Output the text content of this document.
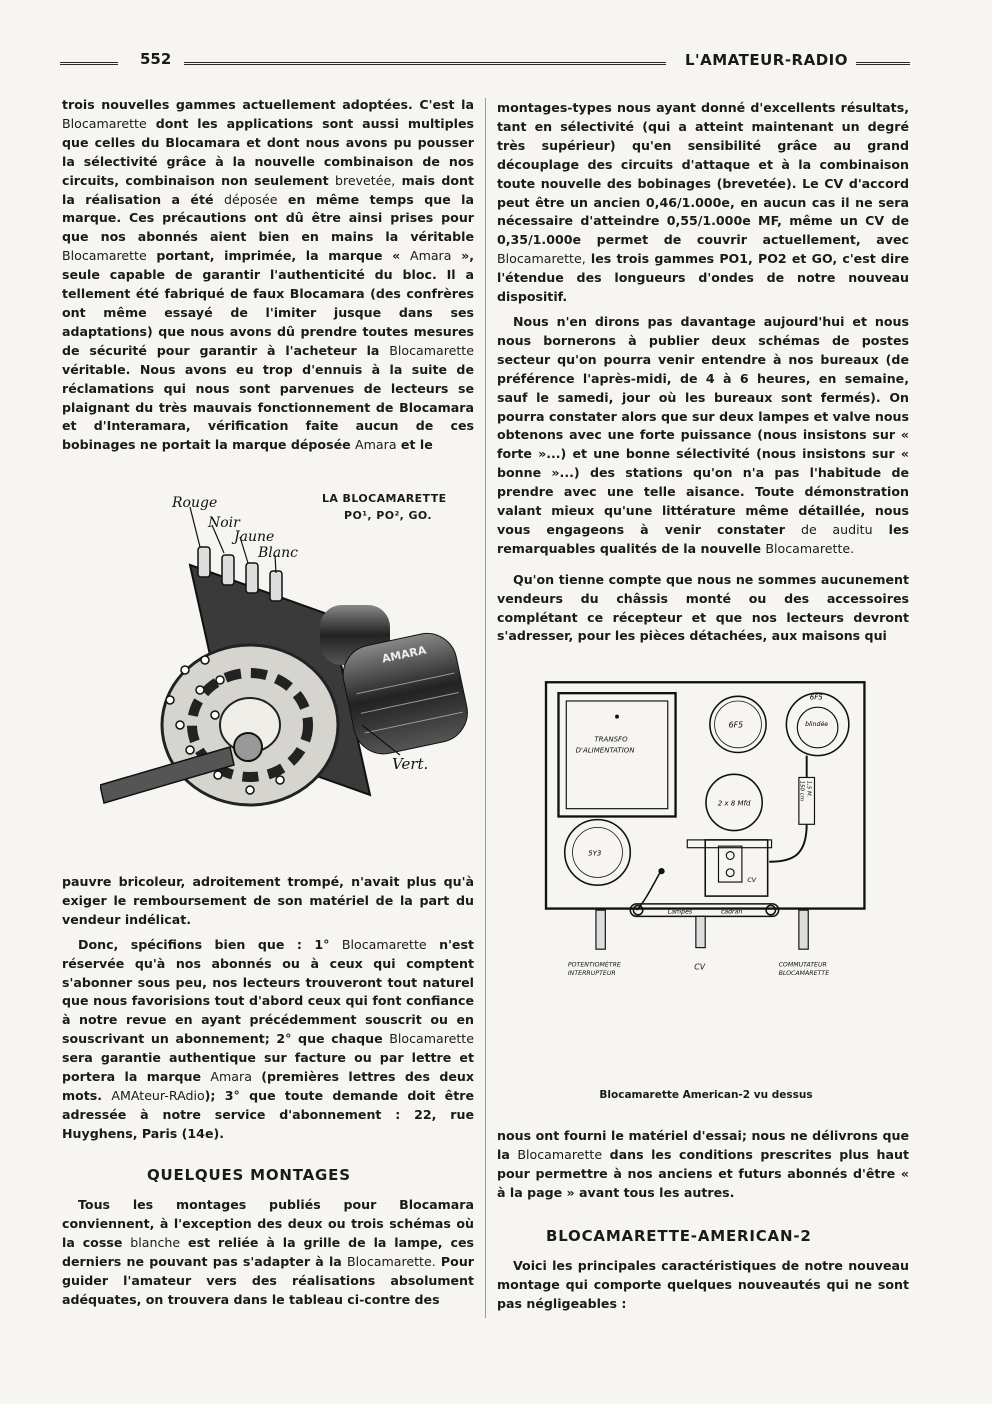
552	L'AMATEUR-RADIO

trois nouvelles gammes actuellement adoptées. C'est la Blocamarette dont les applications sont aussi multiples que celles du Blocamara et dont nous avons pu pousser la sélectivité grâce à la nouvelle combinaison de nos circuits, combinaison non seulement brevetée, mais dont la réalisation a été déposée en même temps que la marque. Ces précautions ont dû être ainsi prises pour que nos abonnés aient bien en mains la véritable Blocamarette portant, imprimée, la marque « Amara », seule capable de garantir l'authenticité du bloc. Il a tellement été fabriqué de faux Blocamara (des confrères ont même essayé de l'imiter jusque dans ses adaptations) que nous avons dû prendre toutes mesures de sécurité pour garantir à l'acheteur la Blocamarette véritable. Nous avons eu trop d'ennuis à la suite de réclamations qui nous sont parvenues de lecteurs se plaignant du très mauvais fonctionnement de Blocamara et d'Interamara, vérification faite aucun de ces bobinages ne portait la marque déposée Amara et le

LA BLOCAMARETTE
PO¹, PO², GO.
AMARA
Rouge
Noir
Jaune
Blanc
Vert.

pauvre bricoleur, adroitement trompé, n'avait plus qu'à exiger le remboursement de son matériel de la part du vendeur indélicat.

Donc, spécifions bien que : 1° Blocamarette n'est réservée qu'à nos abonnés ou à ceux qui comptent s'abonner sous peu, nos lecteurs trouveront tout naturel que nous favorisions tout d'abord ceux qui font confiance à notre revue en ayant précédemment souscrit ou en souscrivant un abonnement; 2° que chaque Blocamarette sera garantie authentique sur facture ou par lettre et portera la marque Amara (premières lettres des deux mots. AMAteur-RAdio); 3° que toute demande doit être adressée à notre service d'abonnement : 22, rue Huyghens, Paris (14e).

QUELQUES MONTAGES

Tous les montages publiés pour Blocamara conviennent, à l'exception des deux ou trois schémas où la cosse blanche est reliée à la grille de la lampe, ces derniers ne pouvant pas s'adapter à la Blocamarette. Pour guider l'amateur vers des réalisations absolument adéquates, on trouvera dans le tableau ci-contre des

montages-types nous ayant donné d'excellents résultats, tant en sélectivité (qui a atteint maintenant un degré très supérieur) qu'en sensibilité grâce au grand découplage des circuits d'attaque et à la combinaison toute nouvelle des bobinages (brevetée). Le CV d'accord peut être un ancien 0,46/1.000e, en aucun cas il ne sera nécessaire d'atteindre 0,55/1.000e MF, même un CV de 0,35/1.000e permet de couvrir actuellement, avec Blocamarette, les trois gammes PO1, PO2 et GO, c'est dire l'étendue des longueurs d'ondes de notre nouveau dispositif.

Nous n'en dirons pas davantage aujourd'hui et nous nous bornerons à publier deux schémas de postes secteur qu'on pourra venir entendre à nos bureaux (de préférence l'après-midi, de 4 à 6 heures, en semaine, sauf le samedi, jour où les bureaux sont fermés). On pourra constater alors que sur deux lampes et valve nous obtenons avec une forte puissance (nous insistons sur « forte »...) et une bonne sélectivité (nous insistons sur « bonne »...) des stations qu'on n'a pas l'habitude de prendre avec une telle aisance. Toute démonstration valant mieux qu'une littérature même détaillée, nous vous engageons à venir constater de auditu les remarquables qualités de la nouvelle Blocamarette.

Qu'on tienne compte que nous ne sommes aucunement vendeurs du châssis monté ou des accessoires complétant ce récepteur et que nos lecteurs devront s'adresser, pour les pièces détachées, aux maisons qui

TRANSFO
D'ALIMENTATION
6F5
6F5
blindée
2 x 8 Mfd
1,5 M.
150 cm
5Y3
CV
Lampes	cadran
POTENTIOMÈTRE
INTERRUPTEUR
CV	COMMUTATEUR
BLOCAMARETTE
Blocamarette American-2 vu dessus

nous ont fourni le matériel d'essai; nous ne délivrons que la Blocamarette dans les conditions prescrites plus haut pour permettre à nos anciens et futurs abonnés d'être « à la page » avant tous les autres.

BLOCAMARETTE-AMERICAN-2

Voici les principales caractéristiques de notre nouveau montage qui comporte quelques nouveautés qui ne sont pas négligeables :
